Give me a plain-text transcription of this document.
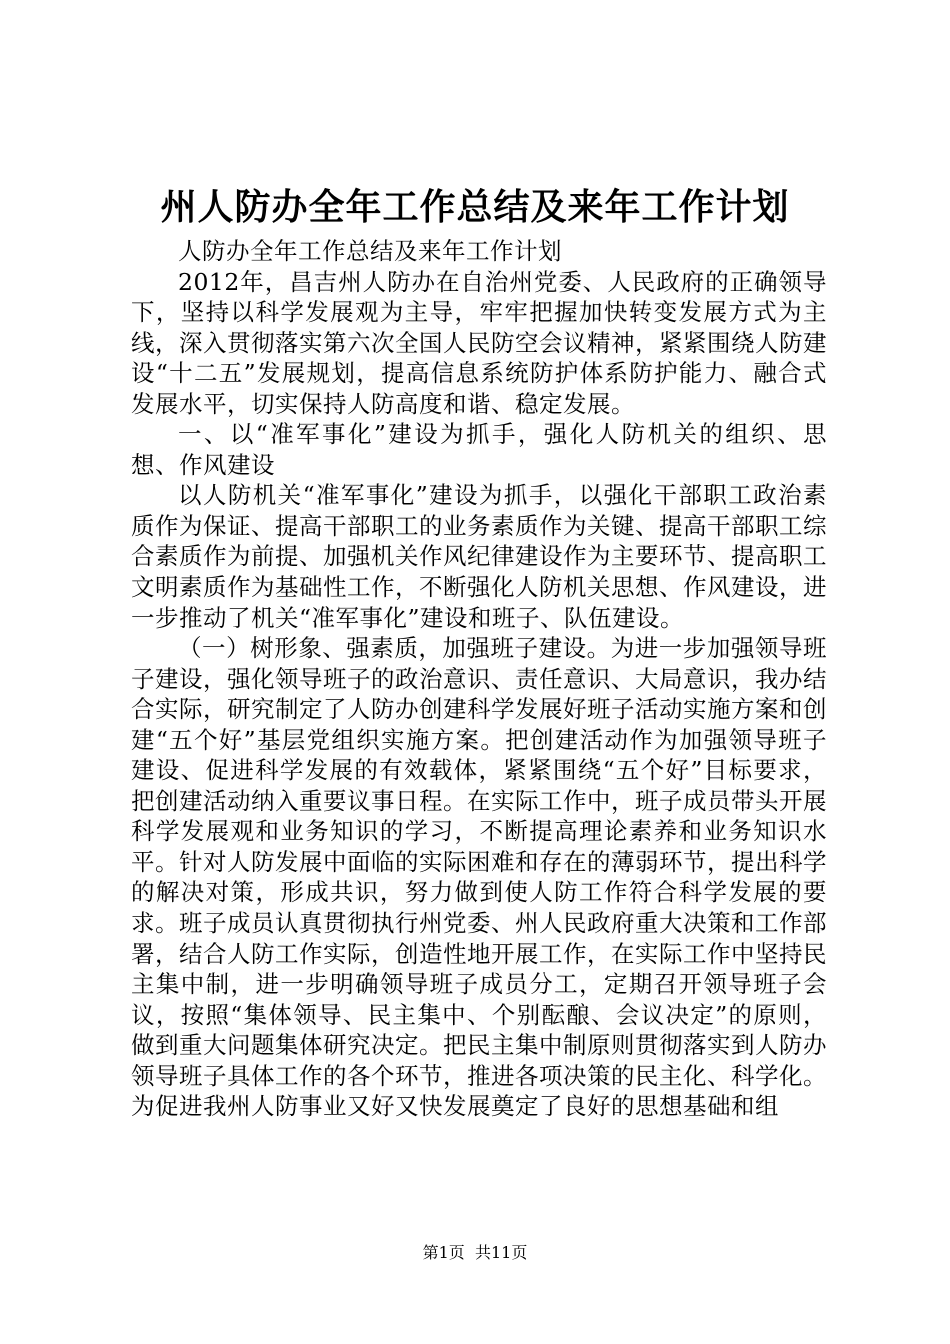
州人防办全年工作总结及来年工作计划

人防办全年工作总结及来年工作计划

2012年，昌吉州人防办在自治州党委、人民政府的正确领导下，坚持以科学发展观为主导，牢牢把握加快转变发展方式为主线，深入贯彻落实第六次全国人民防空会议精神，紧紧围绕人防建设“十二五”发展规划，提高信息系统防护体系防护能力、融合式发展水平，切实保持人防高度和谐、稳定发展。

一、以“准军事化”建设为抓手，强化人防机关的组织、思想、作风建设

以人防机关“准军事化”建设为抓手，以强化干部职工政治素质作为保证、提高干部职工的业务素质作为关键、提高干部职工综合素质作为前提、加强机关作风纪律建设作为主要环节、提高职工文明素质作为基础性工作，不断强化人防机关思想、作风建设，进一步推动了机关“准军事化”建设和班子、队伍建设。

（一）树形象、强素质，加强班子建设。为进一步加强领导班子建设，强化领导班子的政治意识、责任意识、大局意识，我办结合实际，研究制定了人防办创建科学发展好班子活动实施方案和创建“五个好”基层党组织实施方案。把创建活动作为加强领导班子建设、促进科学发展的有效载体，紧紧围绕“五个好”目标要求，把创建活动纳入重要议事日程。在实际工作中，班子成员带头开展科学发展观和业务知识的学习，不断提高理论素养和业务知识水平。针对人防发展中面临的实际困难和存在的薄弱环节，提出科学的解决对策，形成共识，努力做到使人防工作符合科学发展的要求。班子成员认真贯彻执行州党委、州人民政府重大决策和工作部署，结合人防工作实际，创造性地开展工作，在实际工作中坚持民主集中制，进一步明确领导班子成员分工，定期召开领导班子会议，按照“集体领导、民主集中、个别酝酿、会议决定”的原则，做到重大问题集体研究决定。把民主集中制原则贯彻落实到人防办领导班子具体工作的各个环节，推进各项决策的民主化、科学化。为促进我州人防事业又好又快发展奠定了良好的思想基础和组

第1页 共11页
